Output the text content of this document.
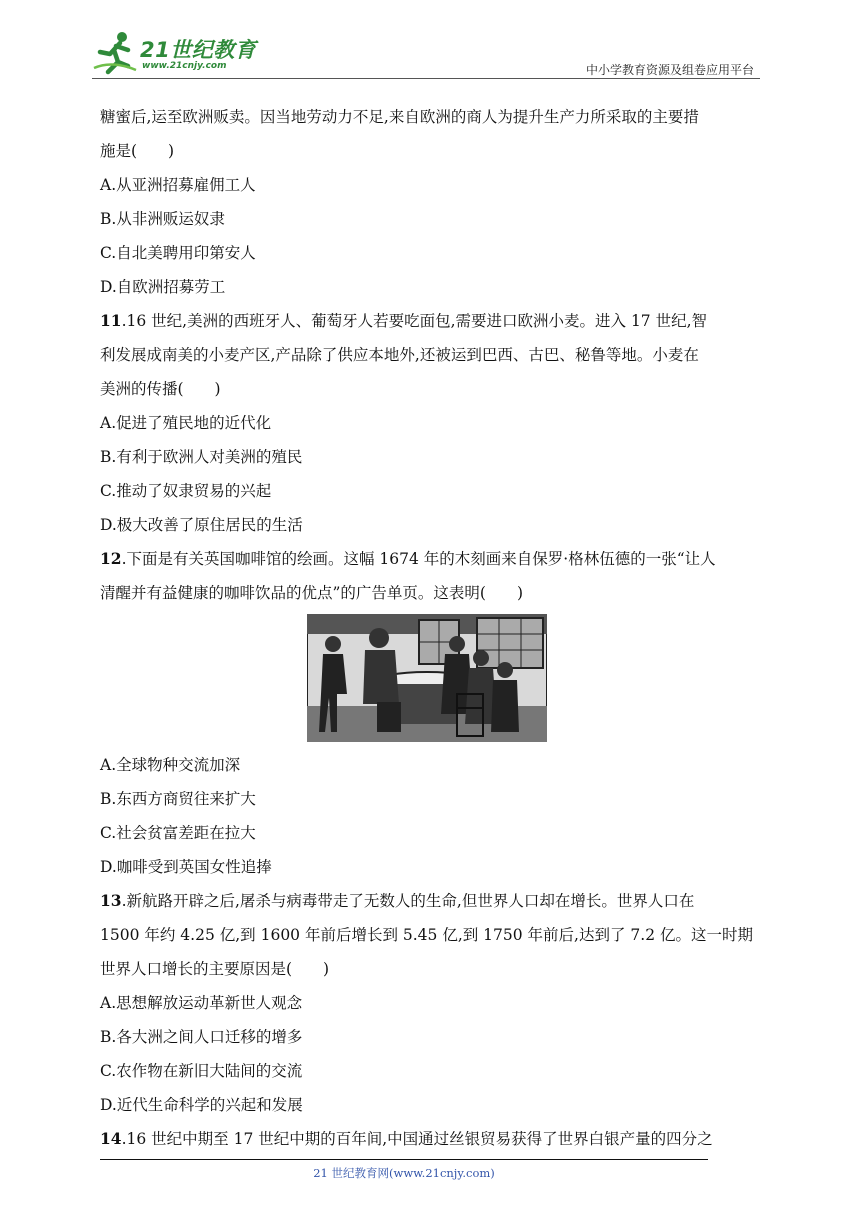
21世纪教育
www.21cnjy.com	中小学教育资源及组卷应用平台
糖蜜后,运至欧洲贩卖。因当地劳动力不足,来自欧洲的商人为提升生产力所采取的主要措
施是(　　)
A.从亚洲招募雇佣工人
B.从非洲贩运奴隶
C.自北美聘用印第安人
D.自欧洲招募劳工
11.16 世纪,美洲的西班牙人、葡萄牙人若要吃面包,需要进口欧洲小麦。进入 17 世纪,智
利发展成南美的小麦产区,产品除了供应本地外,还被运到巴西、古巴、秘鲁等地。小麦在
美洲的传播(　　)
A.促进了殖民地的近代化
B.有利于欧洲人对美洲的殖民
C.推动了奴隶贸易的兴起
D.极大改善了原住居民的生活
12.下面是有关英国咖啡馆的绘画。这幅 1674 年的木刻画来自保罗·格林伍德的一张“让人
清醒并有益健康的咖啡饮品的优点”的广告单页。这表明(　　)
A.全球物种交流加深
B.东西方商贸往来扩大
C.社会贫富差距在拉大
D.咖啡受到英国女性追捧
13.新航路开辟之后,屠杀与病毒带走了无数人的生命,但世界人口却在增长。世界人口在
1500 年约 4.25 亿,到 1600 年前后增长到 5.45 亿,到 1750 年前后,达到了 7.2 亿。这一时期
世界人口增长的主要原因是(　　)
A.思想解放运动革新世人观念
B.各大洲之间人口迁移的增多
C.农作物在新旧大陆间的交流
D.近代生命科学的兴起和发展
14.16 世纪中期至 17 世纪中期的百年间,中国通过丝银贸易获得了世界白银产量的四分之
21 世纪教育网(www.21cnjy.com)
